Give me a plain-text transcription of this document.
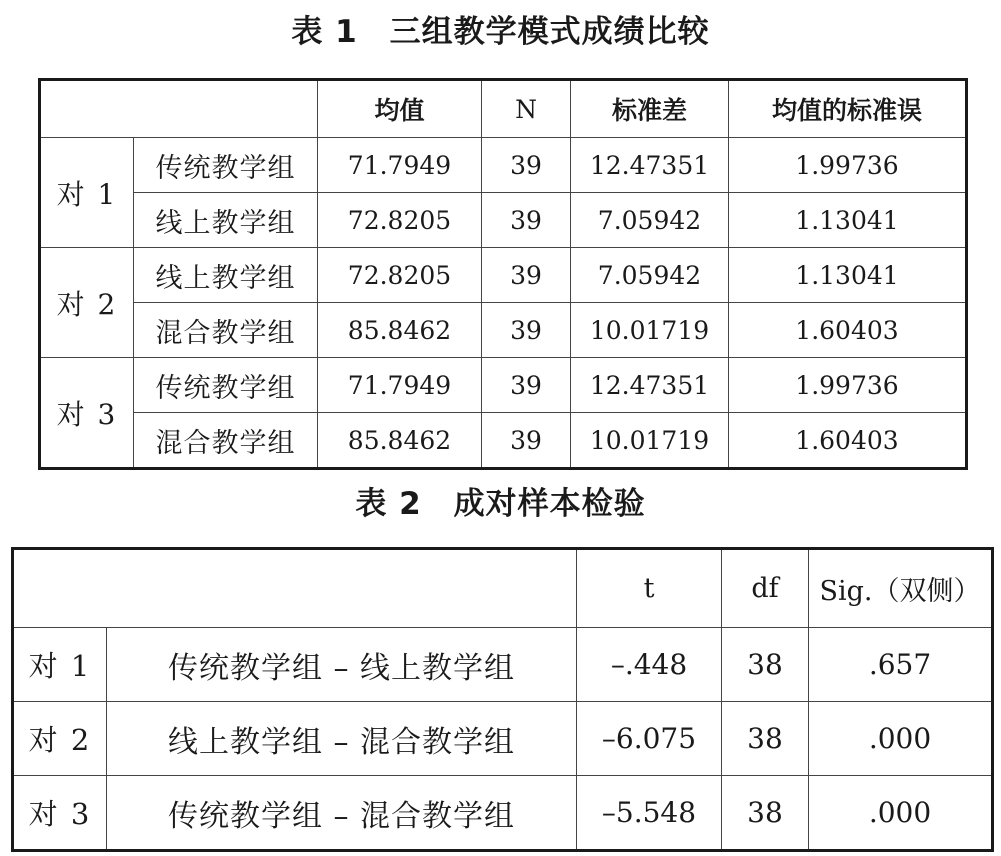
表 1　三组教学模式成绩比较
		均值	N	标准差	均值的标准误
对 1	传统教学组	71.7949	39	12.47351	1.99736
	线上教学组	72.8205	39	7.05942	1.13041
对 2	线上教学组	72.8205	39	7.05942	1.13041
	混合教学组	85.8462	39	10.01719	1.60403
对 3	传统教学组	71.7949	39	12.47351	1.99736
	混合教学组	85.8462	39	10.01719	1.60403
表 2　成对样本检验
		t	df	Sig.（双侧）
对 1	传统教学组 – 线上教学组	–.448	38	.657
对 2	线上教学组 – 混合教学组	–6.075	38	.000
对 3	传统教学组 – 混合教学组	–5.548	38	.000
